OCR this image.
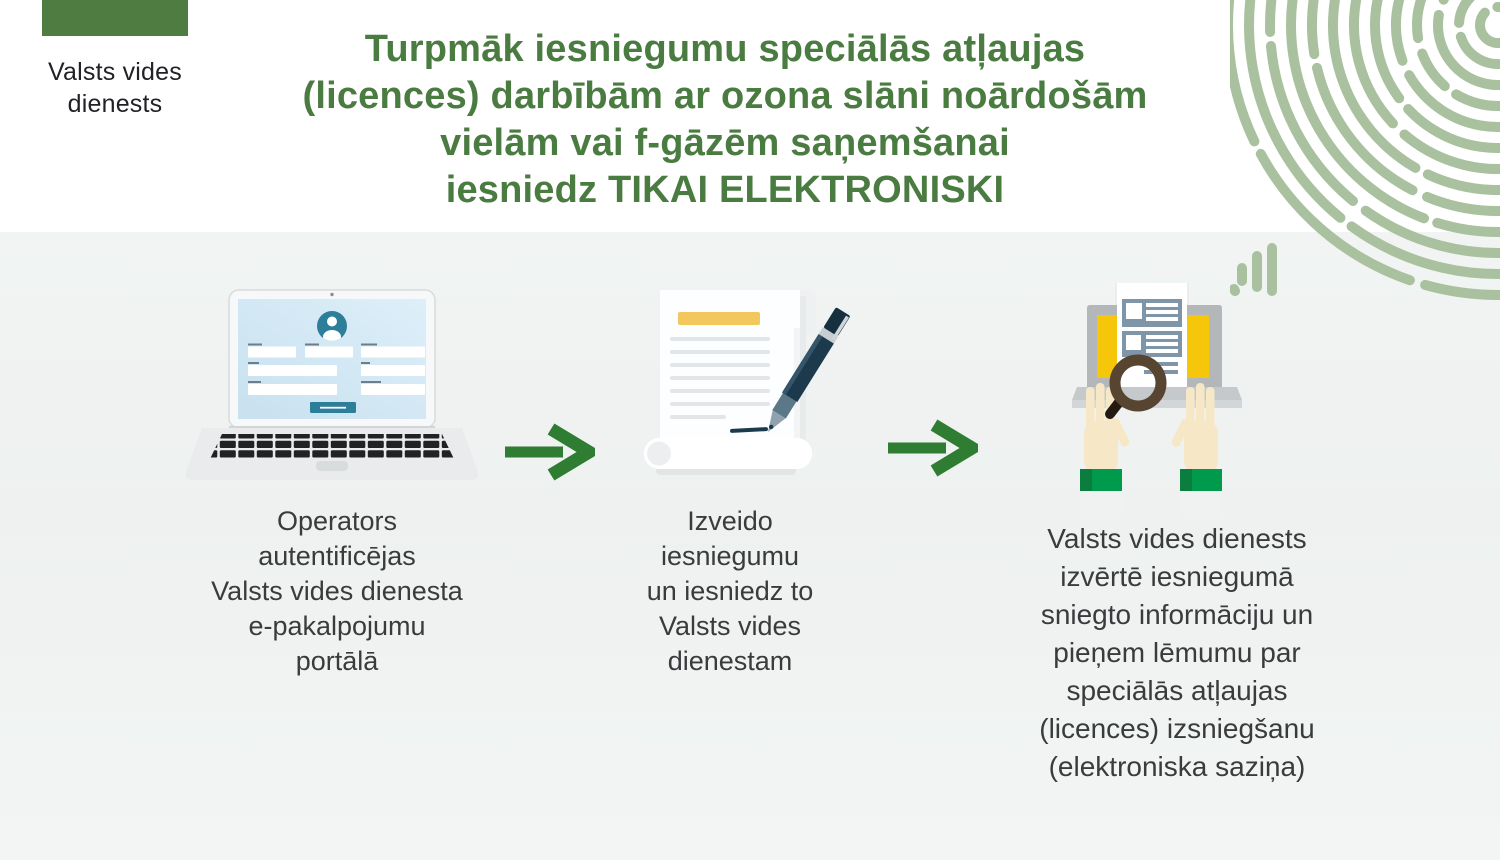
Valsts vides
dienests
Turpmāk iesniegumu speciālās atļaujas
(licences) darbībām ar ozona slāni noārdošām
vielām vai f-gāzēm saņemšanai
iesniedz TIKAI ELEKTRONISKI
Operators
autentificējas
Valsts vides dienesta
e-pakalpojumu
portālā
Izveido
iesniegumu
un iesniedz to
Valsts vides
dienestam
Valsts vides dienests
izvērtē iesniegumā
sniegto informāciju un
pieņem lēmumu par
speciālās atļaujas
(licences) izsniegšanu
(elektroniska saziņa)
